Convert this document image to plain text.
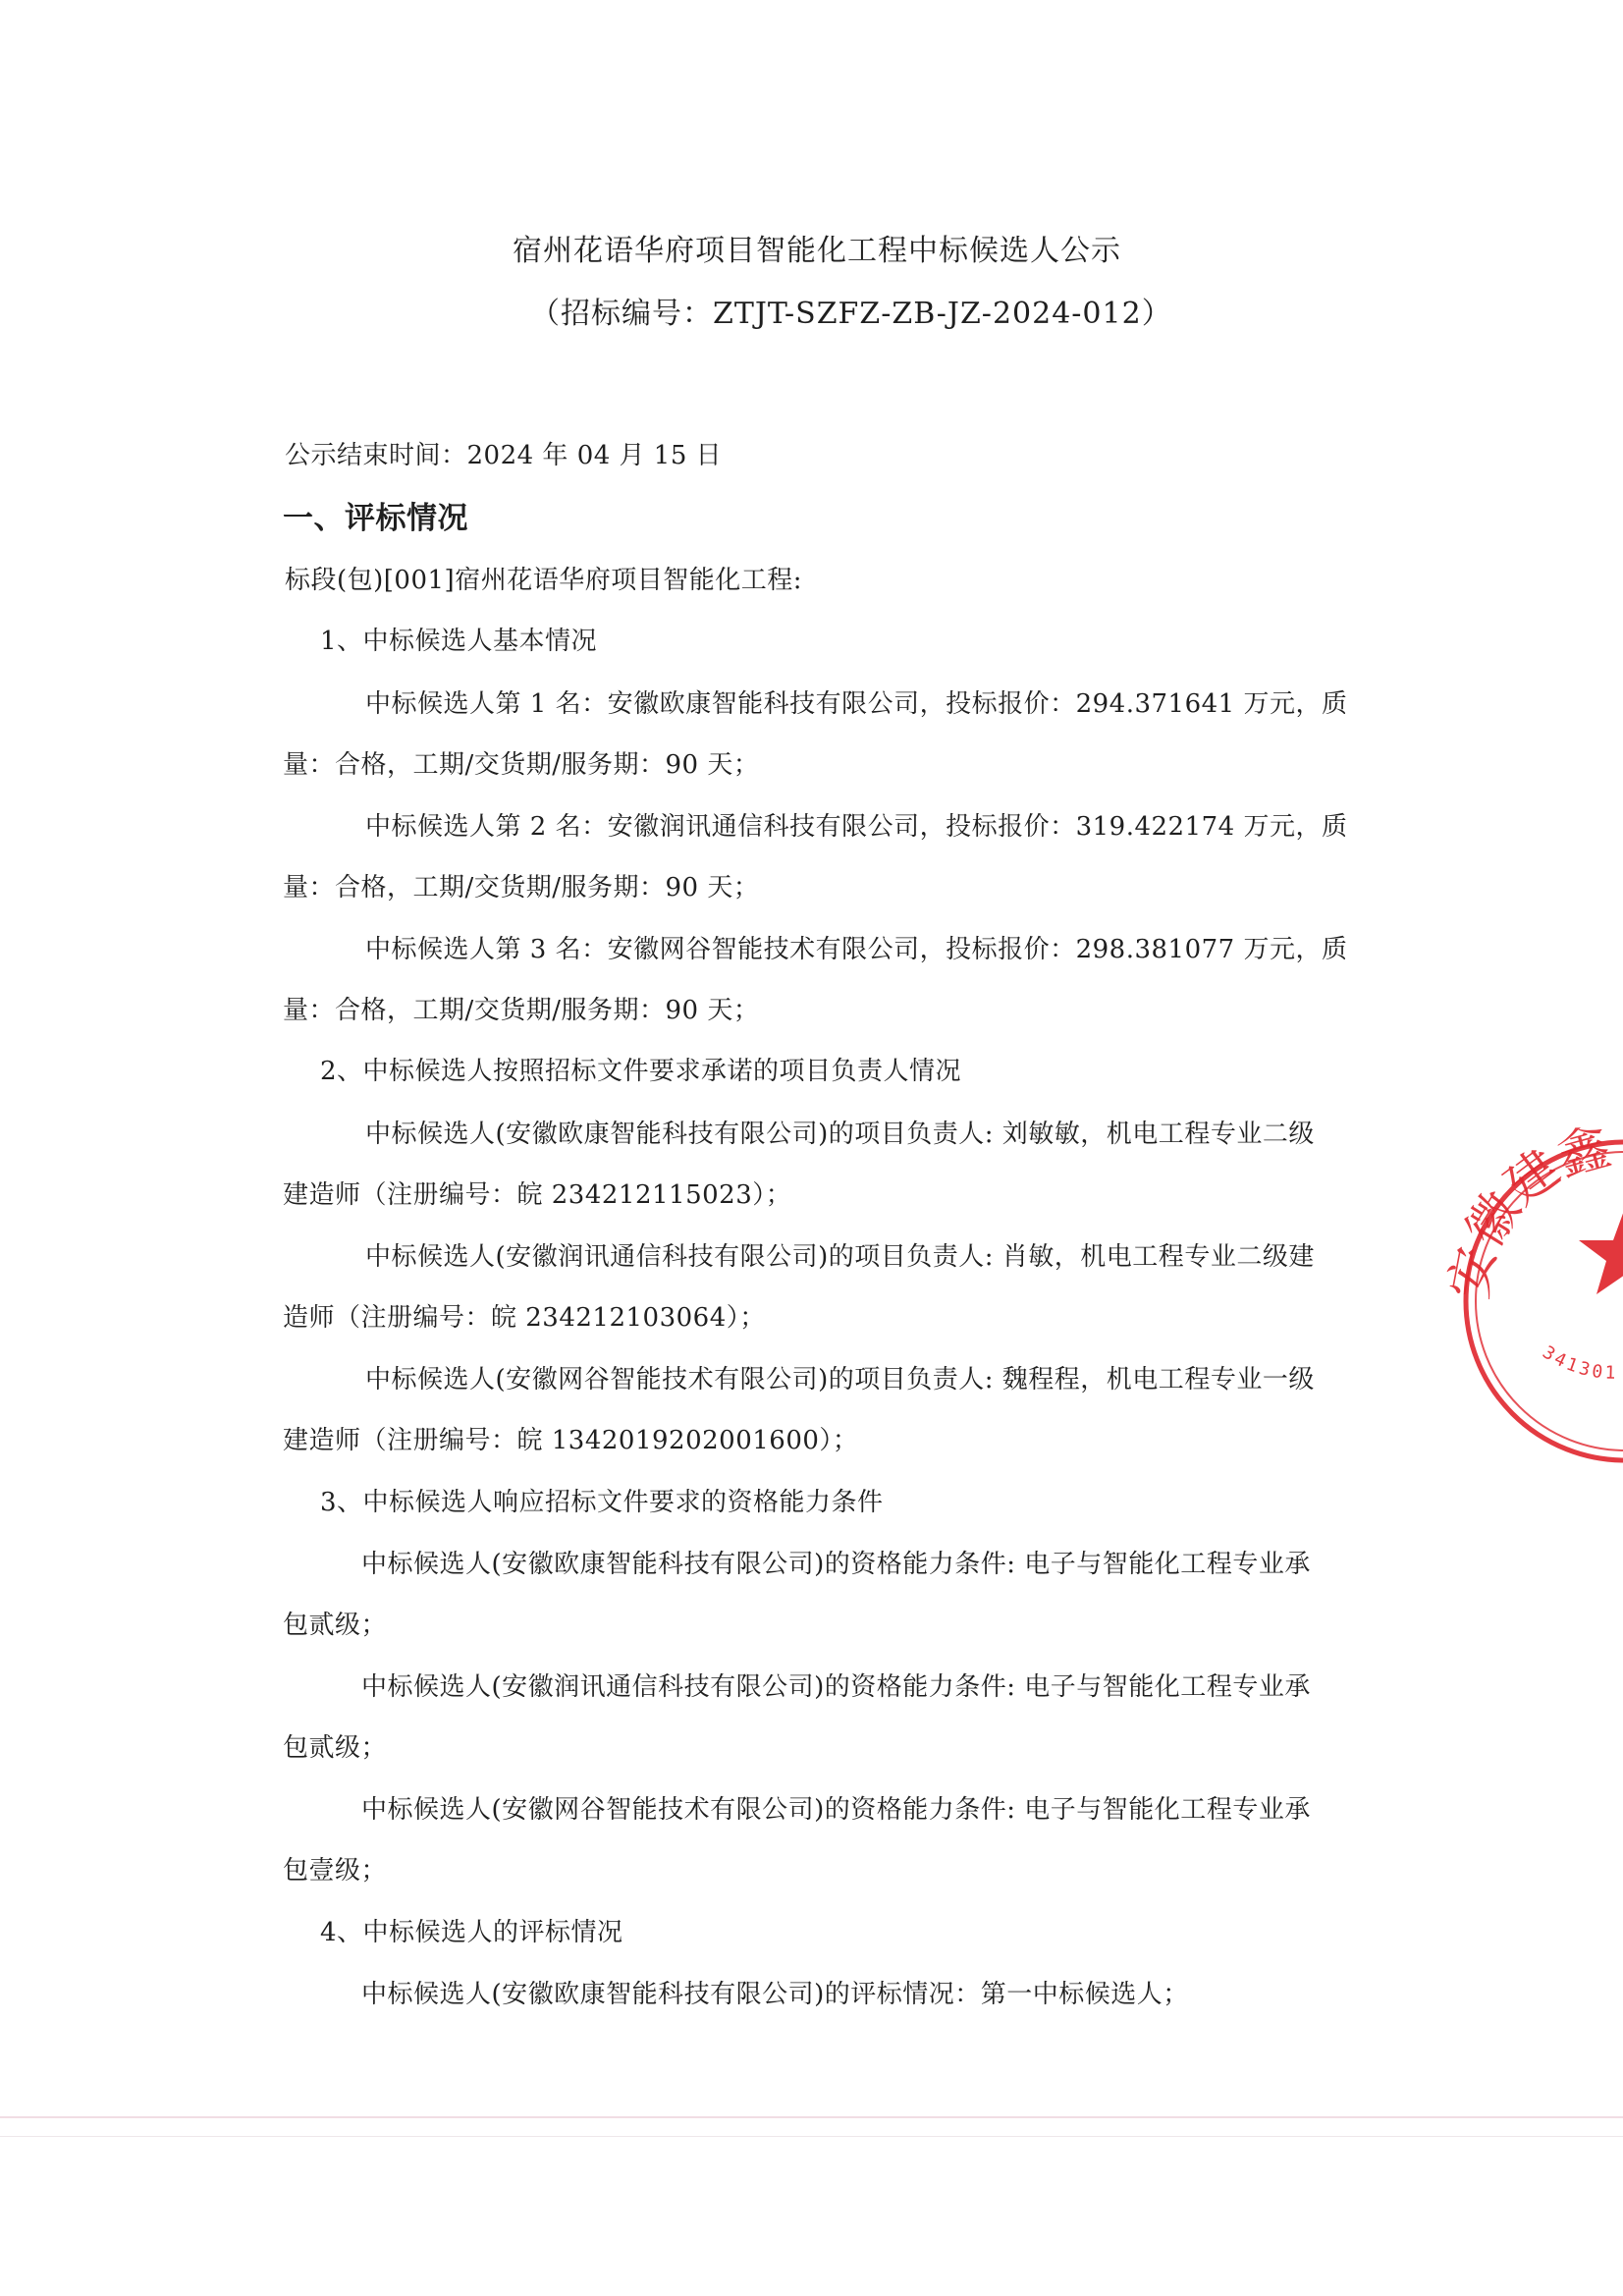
宿州花语华府项目智能化工程中标候选人公示
（招标编号：ZTJT-SZFZ-ZB-JZ-2024-012）
公示结束时间：2024 年 04 月 15 日
一、评标情况
标段(包)[001]宿州花语华府项目智能化工程:
1、中标候选人基本情况
中标候选人第 1 名：安徽欧康智能科技有限公司，投标报价：294.371641 万元，质
量：合格，工期/交货期/服务期：90 天；
中标候选人第 2 名：安徽润讯通信科技有限公司，投标报价：319.422174 万元，质
量：合格，工期/交货期/服务期：90 天；
中标候选人第 3 名：安徽网谷智能技术有限公司，投标报价：298.381077 万元，质
量：合格，工期/交货期/服务期：90 天；
2、中标候选人按照招标文件要求承诺的项目负责人情况
中标候选人(安徽欧康智能科技有限公司)的项目负责人: 刘敏敏，机电工程专业二级
建造师（注册编号：皖 234212115023）；
中标候选人(安徽润讯通信科技有限公司)的项目负责人: 肖敏，机电工程专业二级建
造师（注册编号：皖 234212103064）；
中标候选人(安徽网谷智能技术有限公司)的项目负责人: 魏程程，机电工程专业一级
建造师（注册编号：皖 1342019202001600）；
3、中标候选人响应招标文件要求的资格能力条件
中标候选人(安徽欧康智能科技有限公司)的资格能力条件: 电子与智能化工程专业承
包贰级；
中标候选人(安徽润讯通信科技有限公司)的资格能力条件: 电子与智能化工程专业承
包贰级；
中标候选人(安徽网谷智能技术有限公司)的资格能力条件: 电子与智能化工程专业承
包壹级；
4、中标候选人的评标情况
中标候选人(安徽欧康智能科技有限公司)的评标情况：第一中标候选人；
安徽建鑫工程咨
341301
